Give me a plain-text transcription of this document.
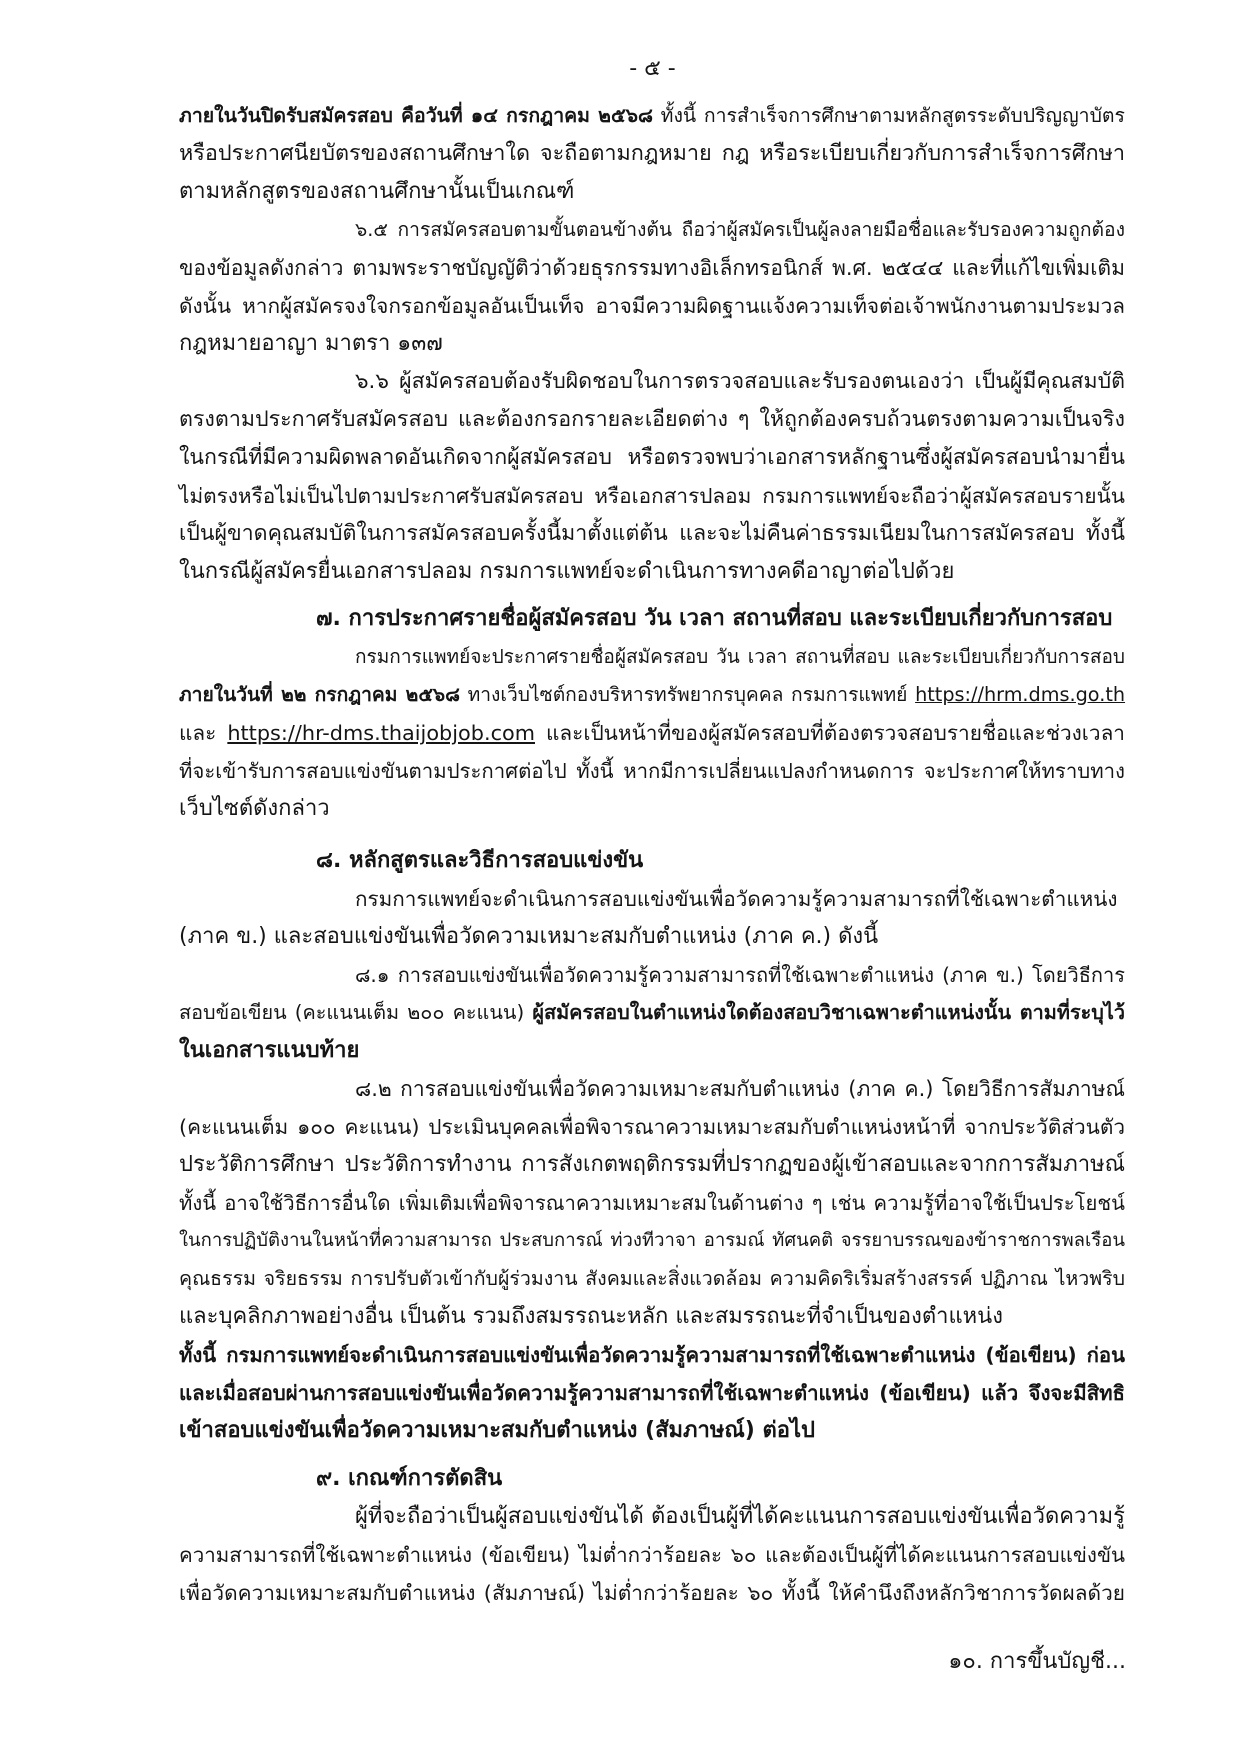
- ๕ -
ภายในวันปิดรับสมัครสอบ คือวันที่ ๑๔ กรกฎาคม ๒๕๖๘ ทั้งนี้ การสำเร็จการศึกษาตามหลักสูตรระดับปริญญาบัตร
หรือประกาศนียบัตรของสถานศึกษาใด จะถือตามกฎหมาย กฎ หรือระเบียบเกี่ยวกับการสำเร็จการศึกษา
ตามหลักสูตรของสถานศึกษานั้นเป็นเกณฑ์
๖.๕ การสมัครสอบตามขั้นตอนข้างต้น ถือว่าผู้สมัครเป็นผู้ลงลายมือชื่อและรับรองความถูกต้อง
ของข้อมูลดังกล่าว ตามพระราชบัญญัติว่าด้วยธุรกรรมทางอิเล็กทรอนิกส์ พ.ศ. ๒๕๔๔ และที่แก้ไขเพิ่มเติม
ดังนั้น หากผู้สมัครจงใจกรอกข้อมูลอันเป็นเท็จ อาจมีความผิดฐานแจ้งความเท็จต่อเจ้าพนักงานตามประมวล
กฎหมายอาญา มาตรา ๑๓๗
๖.๖ ผู้สมัครสอบต้องรับผิดชอบในการตรวจสอบและรับรองตนเองว่า เป็นผู้มีคุณสมบัติ
ตรงตามประกาศรับสมัครสอบ และต้องกรอกรายละเอียดต่าง ๆ ให้ถูกต้องครบถ้วนตรงตามความเป็นจริง
ในกรณีที่มีความผิดพลาดอันเกิดจากผู้สมัครสอบ หรือตรวจพบว่าเอกสารหลักฐานซึ่งผู้สมัครสอบนำมายื่น
ไม่ตรงหรือไม่เป็นไปตามประกาศรับสมัครสอบ หรือเอกสารปลอม กรมการแพทย์จะถือว่าผู้สมัครสอบรายนั้น
เป็นผู้ขาดคุณสมบัติในการสมัครสอบครั้งนี้มาตั้งแต่ต้น และจะไม่คืนค่าธรรมเนียมในการสมัครสอบ ทั้งนี้
ในกรณีผู้สมัครยื่นเอกสารปลอม กรมการแพทย์จะดำเนินการทางคดีอาญาต่อไปด้วย
๗. การประกาศรายชื่อผู้สมัครสอบ วัน เวลา สถานที่สอบ และระเบียบเกี่ยวกับการสอบ
กรมการแพทย์จะประกาศรายชื่อผู้สมัครสอบ วัน เวลา สถานที่สอบ และระเบียบเกี่ยวกับการสอบ
ภายในวันที่ ๒๒ กรกฎาคม ๒๕๖๘ ทางเว็บไซต์กองบริหารทรัพยากรบุคคล กรมการแพทย์ https://hrm.dms.go.th
และ https://hr-dms.thaijobjob.com และเป็นหน้าที่ของผู้สมัครสอบที่ต้องตรวจสอบรายชื่อและช่วงเวลา
ที่จะเข้ารับการสอบแข่งขันตามประกาศต่อไป ทั้งนี้ หากมีการเปลี่ยนแปลงกำหนดการ จะประกาศให้ทราบทาง
เว็บไซต์ดังกล่าว
๘. หลักสูตรและวิธีการสอบแข่งขัน
กรมการแพทย์จะดำเนินการสอบแข่งขันเพื่อวัดความรู้ความสามารถที่ใช้เฉพาะตำแหน่ง
(ภาค ข.) และสอบแข่งขันเพื่อวัดความเหมาะสมกับตำแหน่ง (ภาค ค.) ดังนี้
๘.๑ การสอบแข่งขันเพื่อวัดความรู้ความสามารถที่ใช้เฉพาะตำแหน่ง (ภาค ข.) โดยวิธีการ
สอบข้อเขียน (คะแนนเต็ม ๒๐๐ คะแนน) ผู้สมัครสอบในตำแหน่งใดต้องสอบวิชาเฉพาะตำแหน่งนั้น ตามที่ระบุไว้
ในเอกสารแนบท้าย
๘.๒ การสอบแข่งขันเพื่อวัดความเหมาะสมกับตำแหน่ง (ภาค ค.) โดยวิธีการสัมภาษณ์
(คะแนนเต็ม ๑๐๐ คะแนน) ประเมินบุคคลเพื่อพิจารณาความเหมาะสมกับตำแหน่งหน้าที่ จากประวัติส่วนตัว
ประวัติการศึกษา ประวัติการทำงาน การสังเกตพฤติกรรมที่ปรากฏของผู้เข้าสอบและจากการสัมภาษณ์
ทั้งนี้ อาจใช้วิธีการอื่นใด เพิ่มเติมเพื่อพิจารณาความเหมาะสมในด้านต่าง ๆ เช่น ความรู้ที่อาจใช้เป็นประโยชน์
ในการปฏิบัติงานในหน้าที่ความสามารถ ประสบการณ์ ท่วงทีวาจา อารมณ์ ทัศนคติ จรรยาบรรณของข้าราชการพลเรือน
คุณธรรม จริยธรรม การปรับตัวเข้ากับผู้ร่วมงาน สังคมและสิ่งแวดล้อม ความคิดริเริ่มสร้างสรรค์ ปฏิภาณ ไหวพริบ
และบุคลิกภาพอย่างอื่น เป็นต้น รวมถึงสมรรถนะหลัก และสมรรถนะที่จำเป็นของตำแหน่ง
ทั้งนี้ กรมการแพทย์จะดำเนินการสอบแข่งขันเพื่อวัดความรู้ความสามารถที่ใช้เฉพาะตำแหน่ง (ข้อเขียน) ก่อน
และเมื่อสอบผ่านการสอบแข่งขันเพื่อวัดความรู้ความสามารถที่ใช้เฉพาะตำแหน่ง (ข้อเขียน) แล้ว จึงจะมีสิทธิ
เข้าสอบแข่งขันเพื่อวัดความเหมาะสมกับตำแหน่ง (สัมภาษณ์) ต่อไป
๙. เกณฑ์การตัดสิน
ผู้ที่จะถือว่าเป็นผู้สอบแข่งขันได้ ต้องเป็นผู้ที่ได้คะแนนการสอบแข่งขันเพื่อวัดความรู้
ความสามารถที่ใช้เฉพาะตำแหน่ง (ข้อเขียน) ไม่ต่ำกว่าร้อยละ ๖๐ และต้องเป็นผู้ที่ได้คะแนนการสอบแข่งขัน
เพื่อวัดความเหมาะสมกับตำแหน่ง (สัมภาษณ์) ไม่ต่ำกว่าร้อยละ ๖๐ ทั้งนี้ ให้คำนึงถึงหลักวิชาการวัดผลด้วย
๑๐. การขึ้นบัญชี...
